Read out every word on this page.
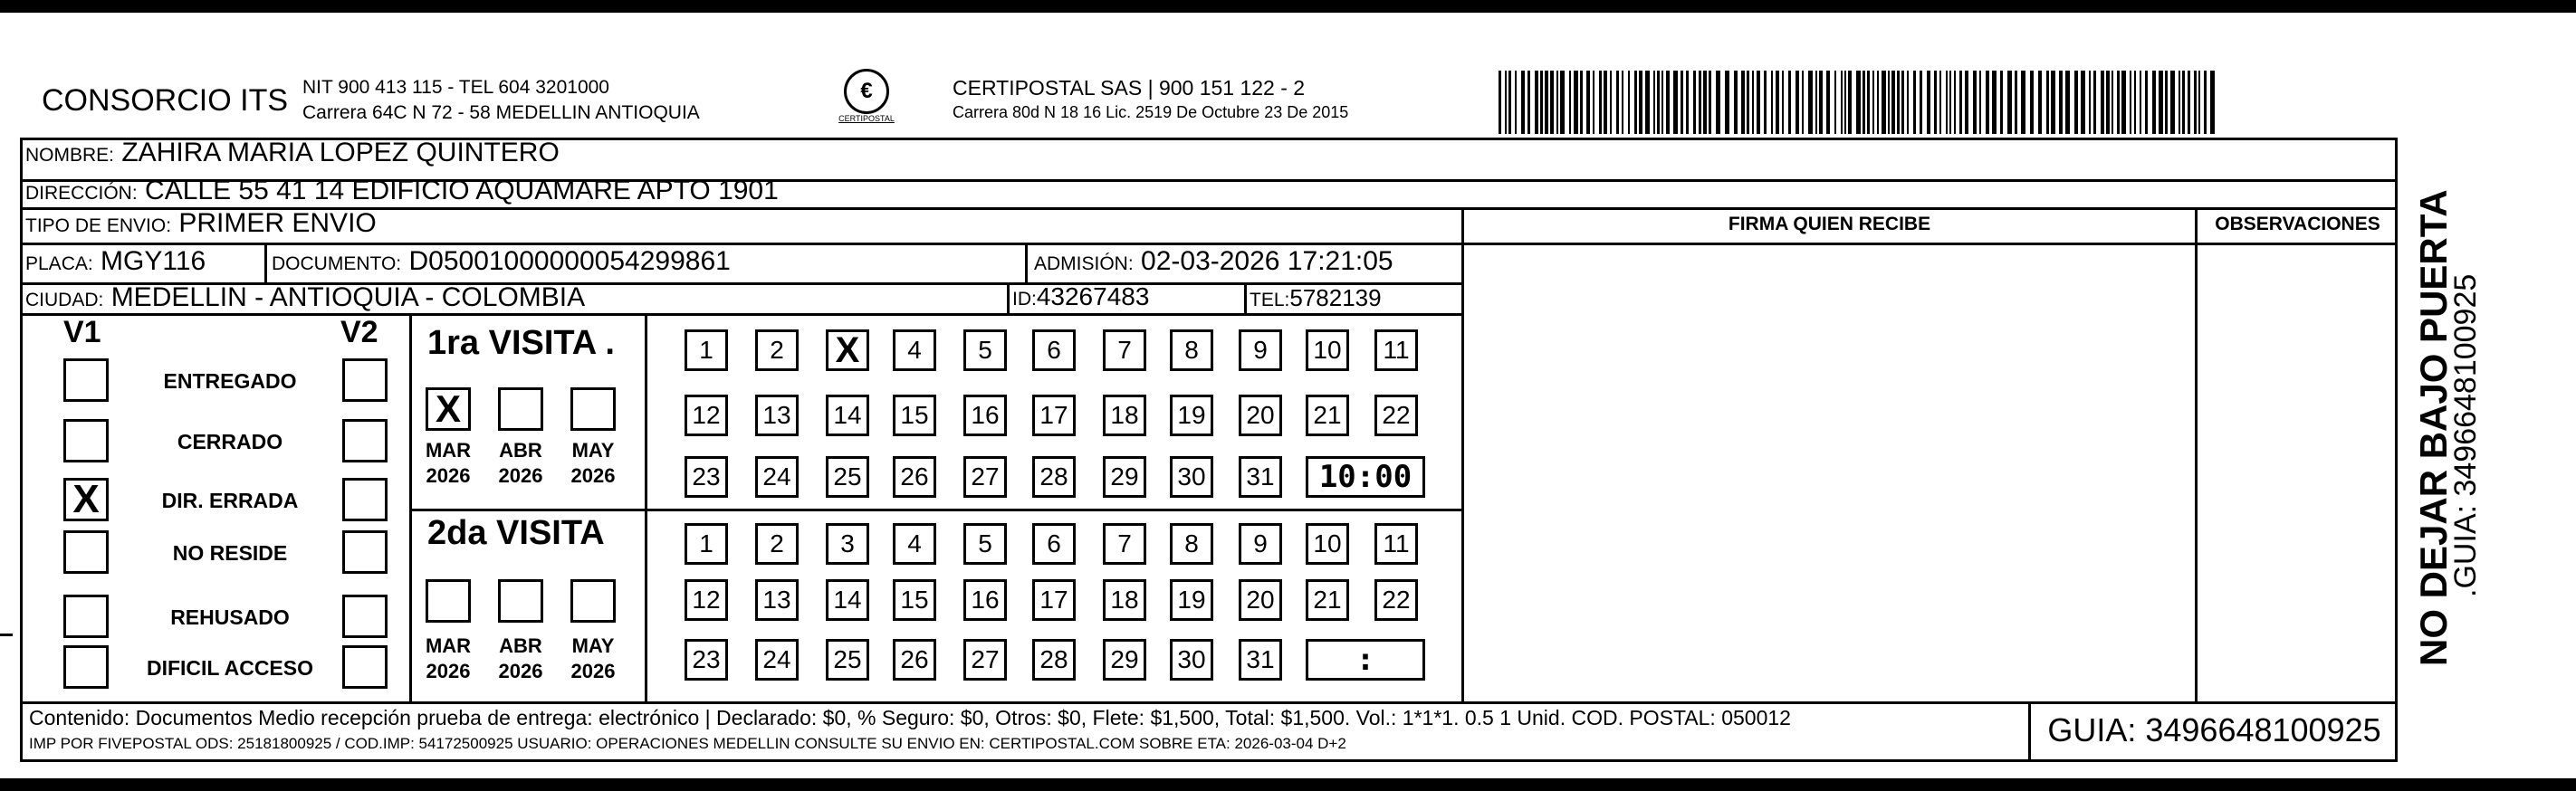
CONSORCIO ITS NIT 900 413 115 - TEL 604 3201000
Carrera 64C N 72 - 58 MEDELLIN ANTIOQUIA
€
CERTIPOSTAL
CERTIPOSTAL SAS | 900 151 122 - 2
Carrera 80d N 18 16 Lic. 2519 De Octubre 23 De 2015
NOMBRE: ZAHIRA MARIA LOPEZ QUINTERO
DIRECCIÓN: CALLE 55 41 14 EDIFICIO AQUAMARE APTO 1901
TIPO DE ENVIO: PRIMER ENVIO
PLACA: MGY116	DOCUMENTO: D05001000000054299861	ADMISIÓN: 02-03-2026 17:21:05
CIUDAD: MEDELLIN - ANTIOQUIA - COLOMBIA	ID:43267483	TEL:5782139
FIRMA QUIEN RECIBE	OBSERVACIONES
V1	V2
ENTREGADO
CERRADO
X	DIR. ERRADA
NO RESIDE
REHUSADO
DIFICIL ACCESO
1ra VISITA .
X
MAR
2026
ABR
2026
MAY
2026
1	2	X	4	5	6	7	8	9	10	11
12	13	14	15	16	17	18	19	20	21	22
23	24	25	26	27	28	29	30	31	10:00
2da VISITA
MAR
2026
ABR
2026
MAY
2026
1	2	3	4	5	6	7	8	9	10	11
12	13	14	15	16	17	18	19	20	21	22
23	24	25	26	27	28	29	30	31	:
Contenido: Documentos Medio recepción prueba de entrega: electrónico | Declarado: $0, % Seguro: $0, Otros: $0, Flete: $1,500, Total: $1,500. Vol.: 1*1*1. 0.5 1 Unid. COD. POSTAL: 050012
IMP POR FIVEPOSTAL ODS: 25181800925 / COD.IMP: 54172500925 USUARIO: OPERACIONES MEDELLIN CONSULTE SU ENVIO EN: CERTIPOSTAL.COM SOBRE ETA: 2026-03-04 D+2	GUIA: 3496648100925
NO DEJAR BAJO PUERTA
.GUIA: 3496648100925
